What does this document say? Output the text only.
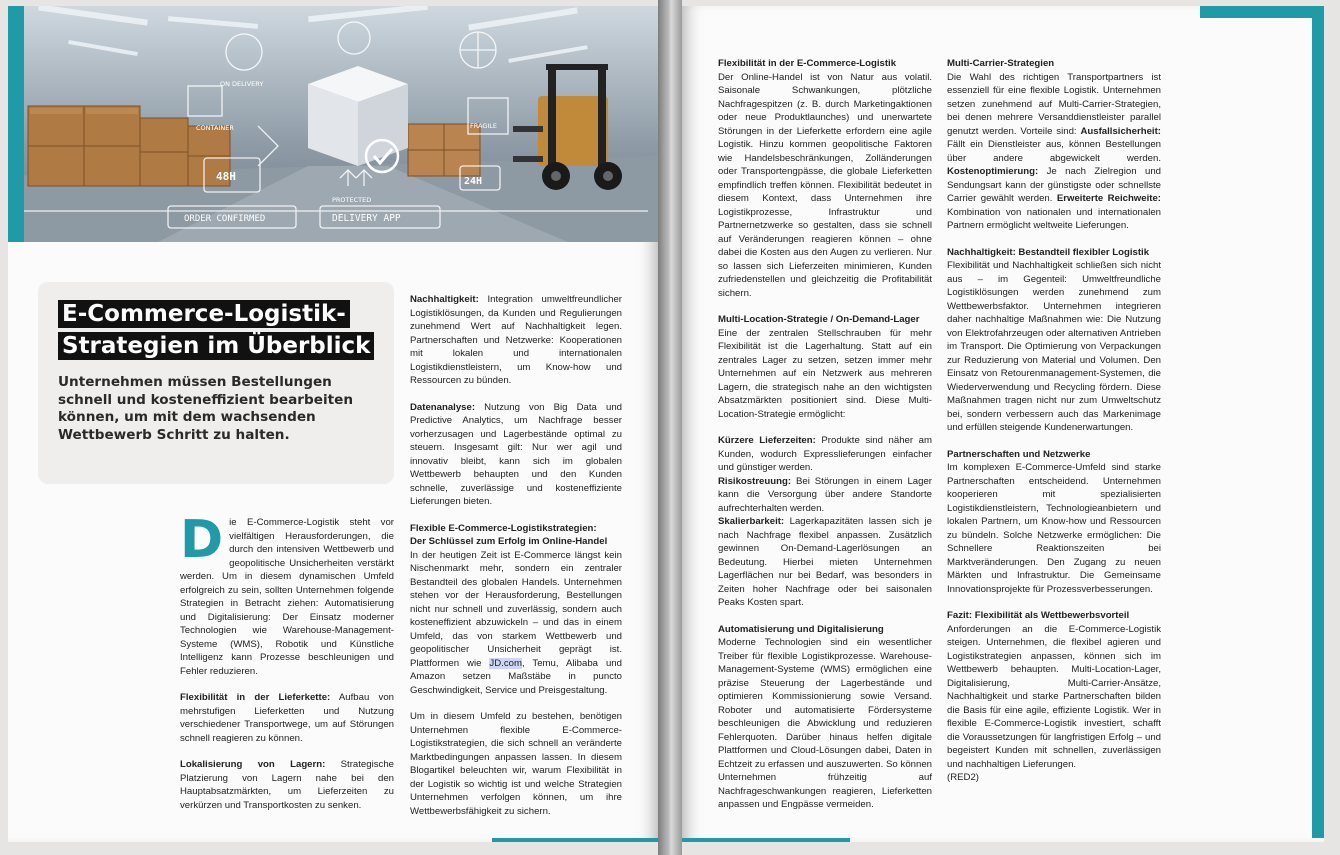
48H	24H
ON DELIVERY
CONTAINER
PROTECTED
FRAGILE
ORDER CONFIRMED	DELIVERY APP
E-Commerce-Logistik-Strategien im Überblick

Unternehmen müssen Bestellungen schnell und kosteneffizient bearbeiten können, um mit dem wachsenden Wettbewerb Schritt zu halten.

Die E-Commerce-Logistik steht vor vielfältigen Herausforderungen, die durch den intensiven Wettbewerb und geopolitische Unsicherheiten verstärkt werden. Um in diesem dynamischen Umfeld erfolgreich zu sein, sollten Unternehmen folgende Strategien in Betracht ziehen: Automatisierung und Digitalisierung: Der Einsatz moderner Technologien wie Warehouse-Management-Systeme (WMS), Robotik und Künstliche Intelligenz kann Prozesse beschleunigen und Fehler reduzieren.

Flexibilität in der Lieferkette: Aufbau von mehrstufigen Lieferketten und Nutzung verschiedener Transportwege, um auf Störungen schnell reagieren zu können.

Lokalisierung von Lagern: Strategische Platzierung von Lagern nahe bei den Hauptabsatzmärkten, um Lieferzeiten zu verkürzen und Transportkosten zu senken.

Nachhaltigkeit: Integration umweltfreundlicher Logistiklösungen, da Kunden und Regulierungen zunehmend Wert auf Nachhaltigkeit legen. Partnerschaften und Netzwerke: Kooperationen mit lokalen und internationalen Logistikdienstleistern, um Know-how und Ressourcen zu bünden.

Datenanalyse: Nutzung von Big Data und Predictive Analytics, um Nachfrage besser vorherzusagen und Lagerbestände optimal zu steuern. Insgesamt gilt: Nur wer agil und innovativ bleibt, kann sich im globalen Wettbewerb behaupten und den Kunden schnelle, zuverlässige und kosteneffiziente Lieferungen bieten.

Flexible E-Commerce-Logistikstrategien:
Der Schlüssel zum Erfolg im Online-Handel

In der heutigen Zeit ist E-Commerce längst kein Nischenmarkt mehr, sondern ein zentraler Bestandteil des globalen Handels. Unternehmen stehen vor der Herausforderung, Bestellungen nicht nur schnell und zuverlässig, sondern auch kosteneffizient abzuwickeln – und das in einem Umfeld, das von starkem Wettbewerb und geopolitischer Unsicherheit geprägt ist. Plattformen wie JD.com, Temu, Alibaba und Amazon setzen Maßstäbe in puncto Geschwindigkeit, Service und Preisgestaltung.

Um in diesem Umfeld zu bestehen, benötigen Unternehmen flexible E-Commerce-Logistikstrategien, die sich schnell an veränderte Marktbedingungen anpassen lassen. In diesem Blogartikel beleuchten wir, warum Flexibilität in der Logistik so wichtig ist und welche Strategien Unternehmen verfolgen können, um ihre Wettbewerbsfähigkeit zu sichern.

Flexibilität in der E-Commerce-Logistik

Der Online-Handel ist von Natur aus volatil. Saisonale Schwankungen, plötzliche Nachfragespitzen (z. B. durch Marketingaktionen oder neue Produktlaunches) und unerwartete Störungen in der Lieferkette erfordern eine agile Logistik. Hinzu kommen geopolitische Faktoren wie Handelsbeschränkungen, Zolländerungen oder Transportengpässe, die globale Lieferketten empfindlich treffen können. Flexibilität bedeutet in diesem Kontext, dass Unternehmen ihre Logistikprozesse, Infrastruktur und Partnernetzwerke so gestalten, dass sie schnell auf Veränderungen reagieren können – ohne dabei die Kosten aus den Augen zu verlieren. Nur so lassen sich Lieferzeiten minimieren, Kunden zufriedenstellen und gleichzeitig die Profitabilität sichern.

Multi-Location-Strategie / On-Demand-Lager

Eine der zentralen Stellschrauben für mehr Flexibilität ist die Lagerhaltung. Statt auf ein zentrales Lager zu setzen, setzen immer mehr Unternehmen auf ein Netzwerk aus mehreren Lagern, die strategisch nahe an den wichtigsten Absatzmärkten positioniert sind. Diese Multi-Location-Strategie ermöglicht:

Kürzere Lieferzeiten: Produkte sind näher am Kunden, wodurch Expresslieferungen einfacher und günstiger werden.
Risikostreuung: Bei Störungen in einem Lager kann die Versorgung über andere Standorte aufrechterhalten werden.
Skalierbarkeit: Lagerkapazitäten lassen sich je nach Nachfrage flexibel anpassen. Zusätzlich gewinnen On-Demand-Lagerlösungen an Bedeutung. Hierbei mieten Unternehmen Lagerflächen nur bei Bedarf, was besonders in Zeiten hoher Nachfrage oder bei saisonalen Peaks Kosten spart.

Automatisierung und Digitalisierung

Moderne Technologien sind ein wesentlicher Treiber für flexible Logistikprozesse. Warehouse-Management-Systeme (WMS) ermöglichen eine präzise Steuerung der Lagerbestände und optimieren Kommissionierung sowie Versand. Roboter und automatisierte Fördersysteme beschleunigen die Abwicklung und reduzieren Fehlerquoten. Darüber hinaus helfen digitale Plattformen und Cloud-Lösungen dabei, Daten in Echtzeit zu erfassen und auszuwerten. So können Unternehmen frühzeitig auf Nachfrageschwankungen reagieren, Lieferketten anpassen und Engpässe vermeiden.

Multi-Carrier-Strategien

Die Wahl des richtigen Transportpartners ist essenziell für eine flexible Logistik. Unternehmen setzen zunehmend auf Multi-Carrier-Strategien, bei denen mehrere Versanddienstleister parallel genutzt werden. Vorteile sind: Ausfallsicherheit: Fällt ein Dienstleister aus, können Bestellungen über andere abgewickelt werden. Kostenoptimierung: Je nach Zielregion und Sendungsart kann der günstigste oder schnellste Carrier gewählt werden. Erweiterte Reichweite: Kombination von nationalen und internationalen Partnern ermöglicht weltweite Lieferungen.

Nachhaltigkeit: Bestandteil flexibler Logistik

Flexibilität und Nachhaltigkeit schließen sich nicht aus – im Gegenteil: Umweltfreundliche Logistiklösungen werden zunehmend zum Wettbewerbsfaktor. Unternehmen integrieren daher nachhaltige Maßnahmen wie: Die Nutzung von Elektrofahrzeugen oder alternativen Antrieben im Transport. Die Optimierung von Verpackungen zur Reduzierung von Material und Volumen. Den Einsatz von Retourenmanagement-Systemen, die Wiederverwendung und Recycling fördern. Diese Maßnahmen tragen nicht nur zum Umweltschutz bei, sondern verbessern auch das Markenimage und erfüllen steigende Kundenerwartungen.

Partnerschaften und Netzwerke

Im komplexen E-Commerce-Umfeld sind starke Partnerschaften entscheidend. Unternehmen kooperieren mit spezialisierten Logistikdienstleistern, Technologieanbietern und lokalen Partnern, um Know-how und Ressourcen zu bündeln. Solche Netzwerke ermöglichen: Die Schnellere Reaktionszeiten bei Marktveränderungen. Den Zugang zu neuen Märkten und Infrastruktur. Die Gemeinsame Innovationsprojekte für Prozessverbesserungen.

Fazit: Flexibilität als Wettbewerbsvorteil

Anforderungen an die E-Commerce-Logistik steigen. Unternehmen, die flexibel agieren und Logistikstrategien anpassen, können sich im Wettbewerb behaupten. Multi-Location-Lager, Digitalisierung, Multi-Carrier-Ansätze, Nachhaltigkeit und starke Partnerschaften bilden die Basis für eine agile, effiziente Logistik. Wer in flexible E-Commerce-Logistik investiert, schafft die Voraussetzungen für langfristigen Erfolg – und begeistert Kunden mit schnellen, zuverlässigen und nachhaltigen Lieferungen.
(RED2)
